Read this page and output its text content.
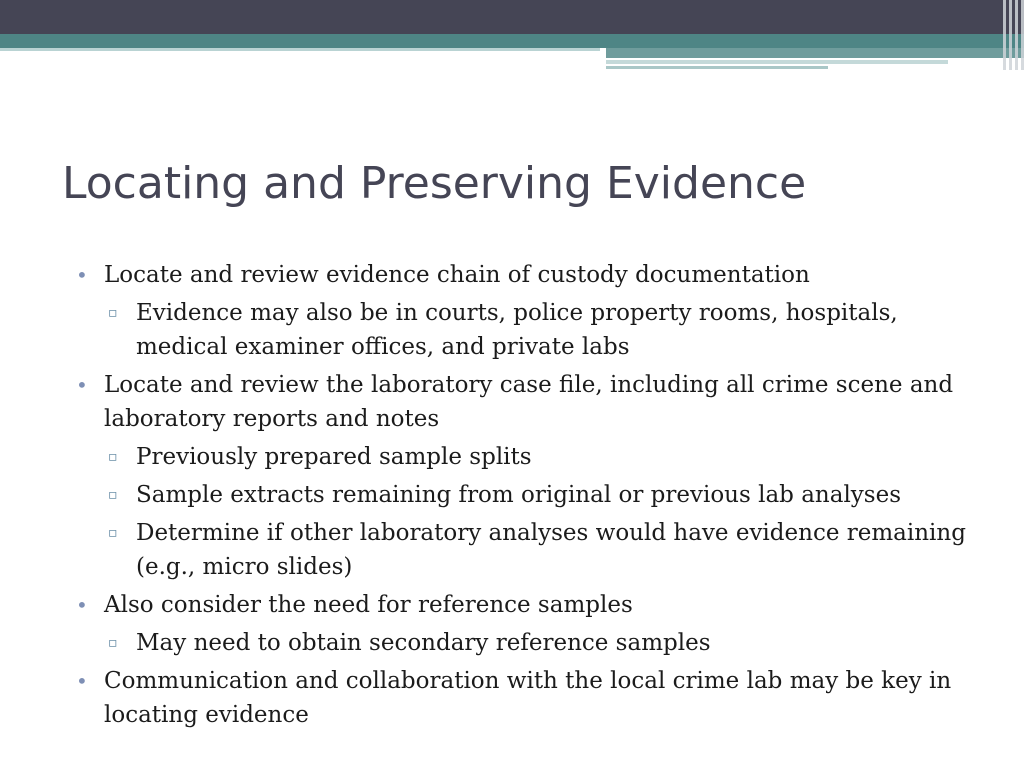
Locating and Preserving Evidence
• Locate and review evidence chain of custody documentation
▫ Evidence may also be in courts, police property rooms, hospitals, medical examiner offices, and private labs
• Locate and review the laboratory case file, including all crime scene and laboratory reports and notes
▫ Previously prepared sample splits
▫ Sample extracts remaining from original or previous lab analyses
▫ Determine if other laboratory analyses would have evidence remaining (e.g., micro slides)
• Also consider the need for reference samples
▫ May need to obtain secondary reference samples
• Communication and collaboration with the local crime lab may be key in locating evidence
